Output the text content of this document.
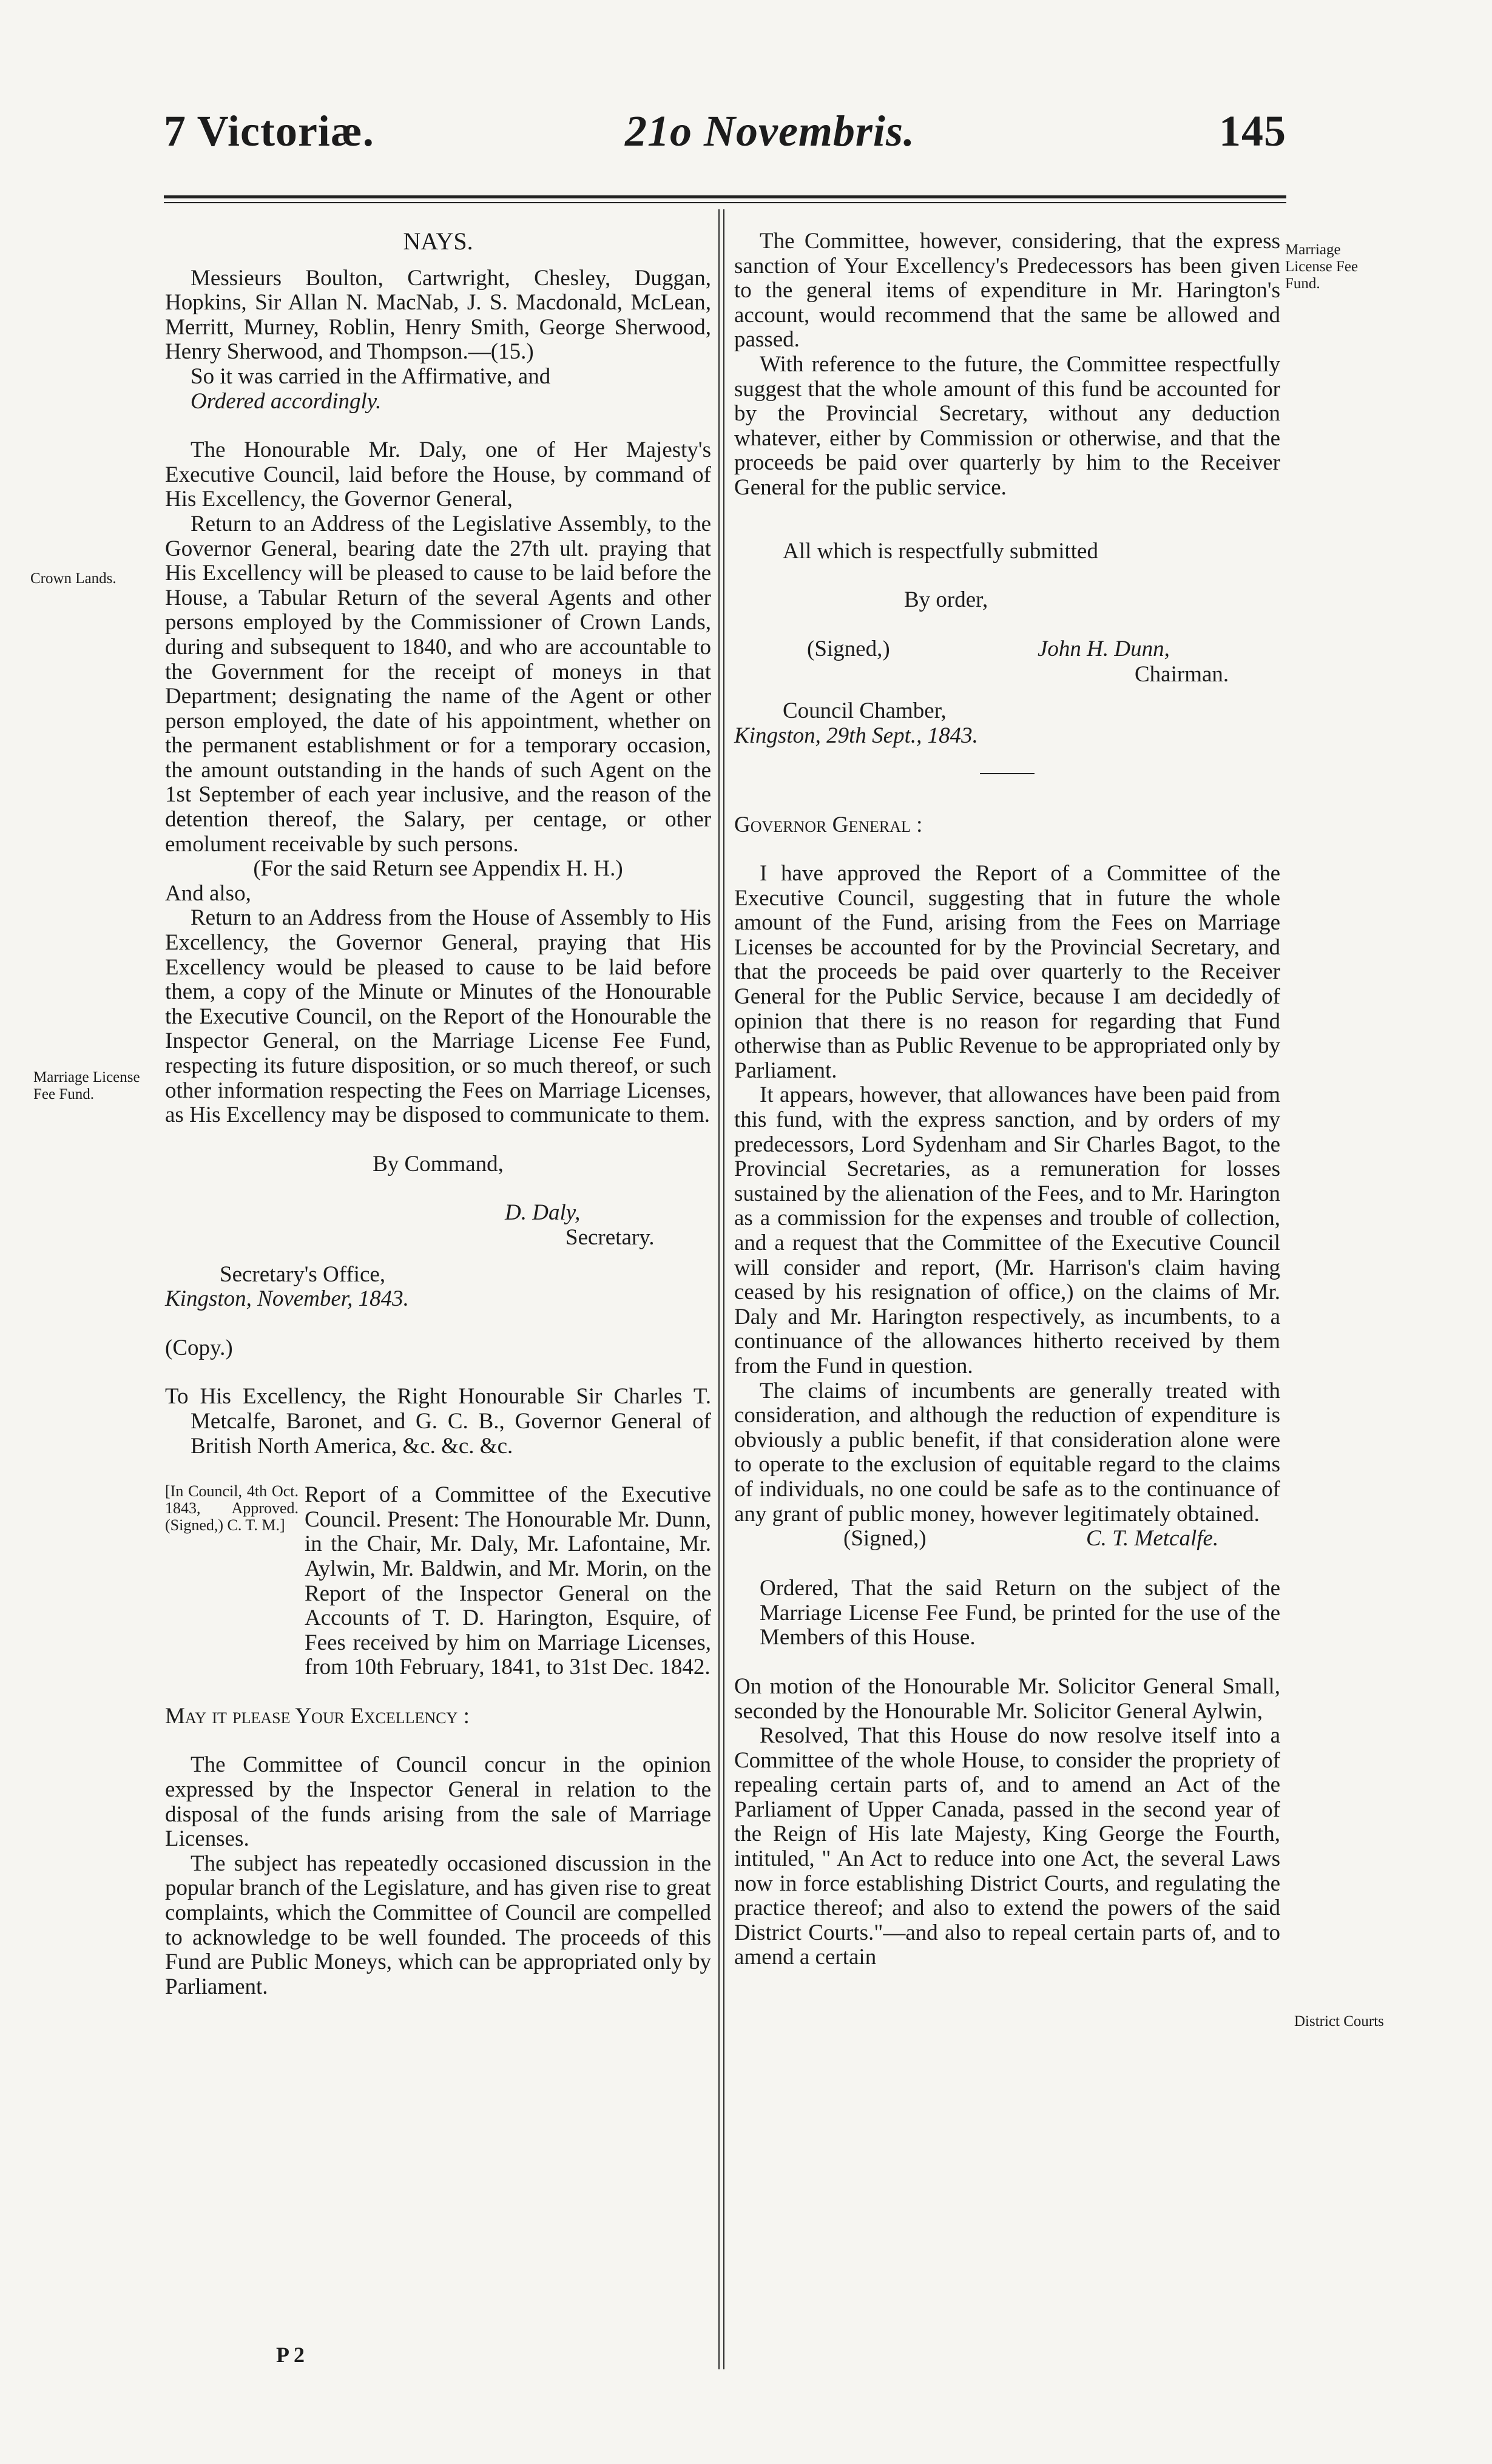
7 Victoriæ.	21o Novembris.	145
Crown Lands.
Marriage License Fee Fund.
Marriage License Fee Fund.
District Courts

NAYS.

Messieurs Boulton, Cartwright, Chesley, Duggan, Hopkins, Sir Allan N. MacNab, J. S. Macdonald, McLean, Merritt, Murney, Roblin, Henry Smith, George Sherwood, Henry Sherwood, and Thompson.—(15.)

So it was carried in the Affirmative, and

Ordered accordingly.

The Honourable Mr. Daly, one of Her Majesty's Executive Council, laid before the House, by command of His Excellency, the Governor General,

Return to an Address of the Legislative Assembly, to the Governor General, bearing date the 27th ult. praying that His Excellency will be pleased to cause to be laid before the House, a Tabular Return of the several Agents and other persons employed by the Commissioner of Crown Lands, during and subsequent to 1840, and who are accountable to the Government for the receipt of moneys in that Department; designating the name of the Agent or other person employed, the date of his appointment, whether on the permanent establishment or for a temporary occasion, the amount outstanding in the hands of such Agent on the 1st September of each year inclusive, and the reason of the detention thereof, the Salary, per centage, or other emolument receivable by such persons.

(For the said Return see Appendix H. H.)

And also,

Return to an Address from the House of Assembly to His Excellency, the Governor General, praying that His Excellency would be pleased to cause to be laid before them, a copy of the Minute or Minutes of the Honourable the Executive Council, on the Report of the Honourable the Inspector General, on the Marriage License Fee Fund, respecting its future disposition, or so much thereof, or such other information respecting the Fees on Marriage Licenses, as His Excellency may be disposed to communicate to them.

By Command,

D. Daly,

Secretary.

Secretary's Office,

Kingston, November, 1843.

(Copy.)

To His Excellency, the Right Honourable Sir Charles T. Metcalfe, Baronet, and G. C. B., Governor General of British North America, &c. &c. &c.

[In Council, 4th Oct. 1843, Approved. (Signed,) C. T. M.]

Report of a Committee of the Executive Council. Present: The Honourable Mr. Dunn, in the Chair, Mr. Daly, Mr. Lafontaine, Mr. Aylwin, Mr. Baldwin, and Mr. Morin, on the Report of the Inspector General on the Accounts of T. D. Harington, Esquire, of Fees received by him on Marriage Licenses, from 10th February, 1841, to 31st Dec. 1842.

May it please Your Excellency :

The Committee of Council concur in the opinion expressed by the Inspector General in relation to the disposal of the funds arising from the sale of Marriage Licenses.

The subject has repeatedly occasioned discussion in the popular branch of the Legislature, and has given rise to great complaints, which the Committee of Council are compelled to acknowledge to be well founded. The proceeds of this Fund are Public Moneys, which can be appropriated only by Parliament.

The Committee, however, considering, that the express sanction of Your Excellency's Predecessors has been given to the general items of expenditure in Mr. Harington's account, would recommend that the same be allowed and passed.

With reference to the future, the Committee respectfully suggest that the whole amount of this fund be accounted for by the Provincial Secretary, without any deduction whatever, either by Commission or otherwise, and that the proceeds be paid over quarterly by him to the Receiver General for the public service.

All which is respectfully submitted

By order,

(Signed,)	John H. Dunn,

Chairman.

Council Chamber,

Kingston, 29th Sept., 1843.

Governor General :

I have approved the Report of a Committee of the Executive Council, suggesting that in future the whole amount of the Fund, arising from the Fees on Marriage Licenses be accounted for by the Provincial Secretary, and that the proceeds be paid over quarterly to the Receiver General for the Public Service, because I am decidedly of opinion that there is no reason for regarding that Fund otherwise than as Public Revenue to be appropriated only by Parliament.

It appears, however, that allowances have been paid from this fund, with the express sanction, and by orders of my predecessors, Lord Sydenham and Sir Charles Bagot, to the Provincial Secretaries, as a remuneration for losses sustained by the alienation of the Fees, and to Mr. Harington as a commission for the expenses and trouble of collection, and a request that the Committee of the Executive Council will consider and report, (Mr. Harrison's claim having ceased by his resignation of office,) on the claims of Mr. Daly and Mr. Harington respectively, as incumbents, to a continuance of the allowances hitherto received by them from the Fund in question.

The claims of incumbents are generally treated with consideration, and although the reduction of expenditure is obviously a public benefit, if that consideration alone were to operate to the exclusion of equitable regard to the claims of individuals, no one could be safe as to the continuance of any grant of public money, however legitimately obtained.

(Signed,)	C. T. Metcalfe.

Ordered, That the said Return on the subject of the Marriage License Fee Fund, be printed for the use of the Members of this House.

On motion of the Honourable Mr. Solicitor General Small, seconded by the Honourable Mr. Solicitor General Aylwin,

Resolved, That this House do now resolve itself into a Committee of the whole House, to consider the propriety of repealing certain parts of, and to amend an Act of the Parliament of Upper Canada, passed in the second year of the Reign of His late Majesty, King George the Fourth, intituled, " An Act to reduce into one Act, the several Laws now in force establishing District Courts, and regulating the practice thereof; and also to extend the powers of the said District Courts."—and also to repeal certain parts of, and to amend a certain

P 2
